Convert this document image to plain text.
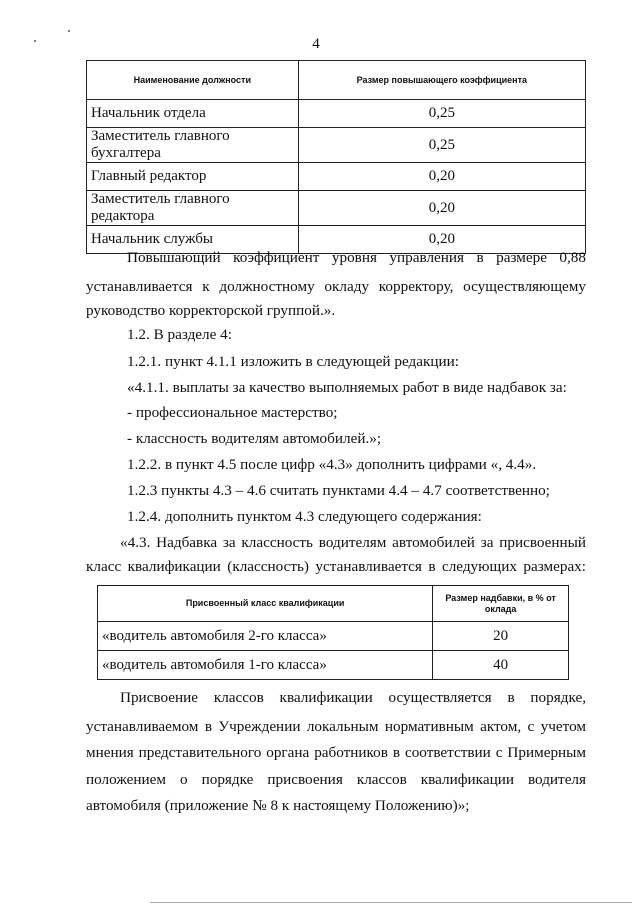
4
Наименование должности	Размер повышающего коэффициента
Начальник отдела	0,25
Заместитель главного бухгалтера	0,25
Главный редактор	0,20
Заместитель главного редактора	0,20
Начальник службы	0,20
Повышающий коэффициент уровня управления в размере 0,88
устанавливается к должностному окладу корректору, осуществляющему
руководство корректорской группой.».
1.2. В разделе 4:
1.2.1. пункт 4.1.1 изложить в следующей редакции:
«4.1.1. выплаты за качество выполняемых работ в виде надбавок за:
- профессиональное мастерство;
- классность водителям автомобилей.»;
1.2.2. в пункт 4.5 после цифр «4.3» дополнить цифрами «, 4.4».
1.2.3 пункты 4.3 – 4.6 считать пунктами 4.4 – 4.7 соответственно;
1.2.4. дополнить пунктом 4.3 следующего содержания:
«4.3. Надбавка за классность водителям автомобилей за присвоенный
класс квалификации (классность) устанавливается в следующих размерах:
Присвоенный класс квалификации	Размер надбавки, в % от оклада
«водитель автомобиля 2-го класса»	20
«водитель автомобиля 1-го класса»	40
Присвоение классов квалификации осуществляется в порядке,
устанавливаемом в Учреждении локальным нормативным актом, с учетом
мнения представительного органа работников в соответствии с Примерным
положением о порядке присвоения классов квалификации водителя
автомобиля (приложение № 8 к настоящему Положению)»;
